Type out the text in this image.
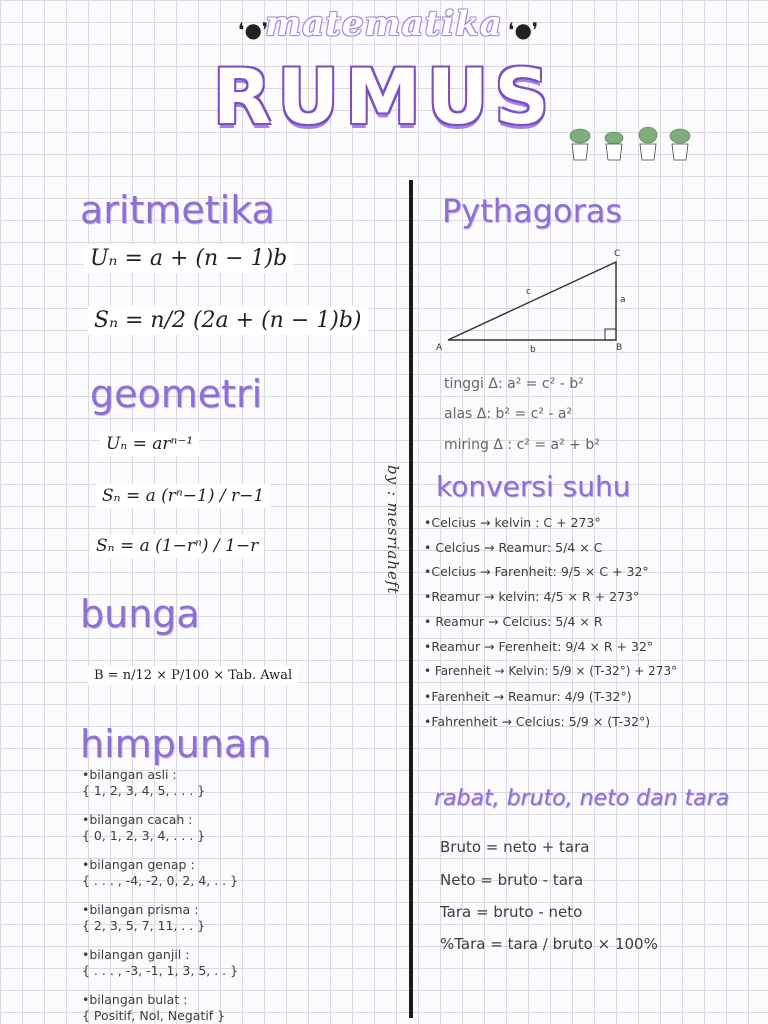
❛●❜	❛●❜
matematika
RUMUS
by : mesriaheft
aritmetika
Uₙ = a + (n − 1)b
Sₙ = n/2 (2a + (n − 1)b)
geometri
Uₙ = arⁿ⁻¹
Sₙ = a (rⁿ−1) / r−1
Sₙ = a (1−rⁿ) / 1−r
bunga
B = n/12 × P/100 × Tab. Awal
himpunan
•bilangan asli :
{ 1, 2, 3, 4, 5, . . . }
•bilangan cacah :
{ 0, 1, 2, 3, 4, . . . }
•bilangan genap :
{ . . . , -4, -2, 0, 2, 4, . . }
•bilangan prisma :
{ 2, 3, 5, 7, 11, . . }
•bilangan ganjil :
{ . . . , -3, -1, 1, 3, 5, . . }
•bilangan bulat :
{ Positif, Nol, Negatif }
Pythagoras
A	B
C
a
b
c
tinggi Δ: a² = c² - b²
alas Δ: b² = c² - a²
miring Δ : c² = a² + b²
konversi suhu
•Celcius → kelvin : C + 273°
• Celcius → Reamur: 5/4 × C
•Celcius → Farenheit: 9/5 × C + 32°
•Reamur → kelvin: 4/5 × R + 273°
• Reamur → Celcius: 5/4 × R
•Reamur → Ferenheit: 9/4 × R + 32°
• Farenheit → Kelvin: 5/9 × (T-32°) + 273°
•Farenheit → Reamur: 4/9 (T-32°)
•Fahrenheit → Celcius: 5/9 × (T-32°)
rabat, bruto, neto dan tara
Bruto = neto + tara
Neto = bruto - tara
Tara = bruto - neto
%Tara = tara / bruto × 100%
